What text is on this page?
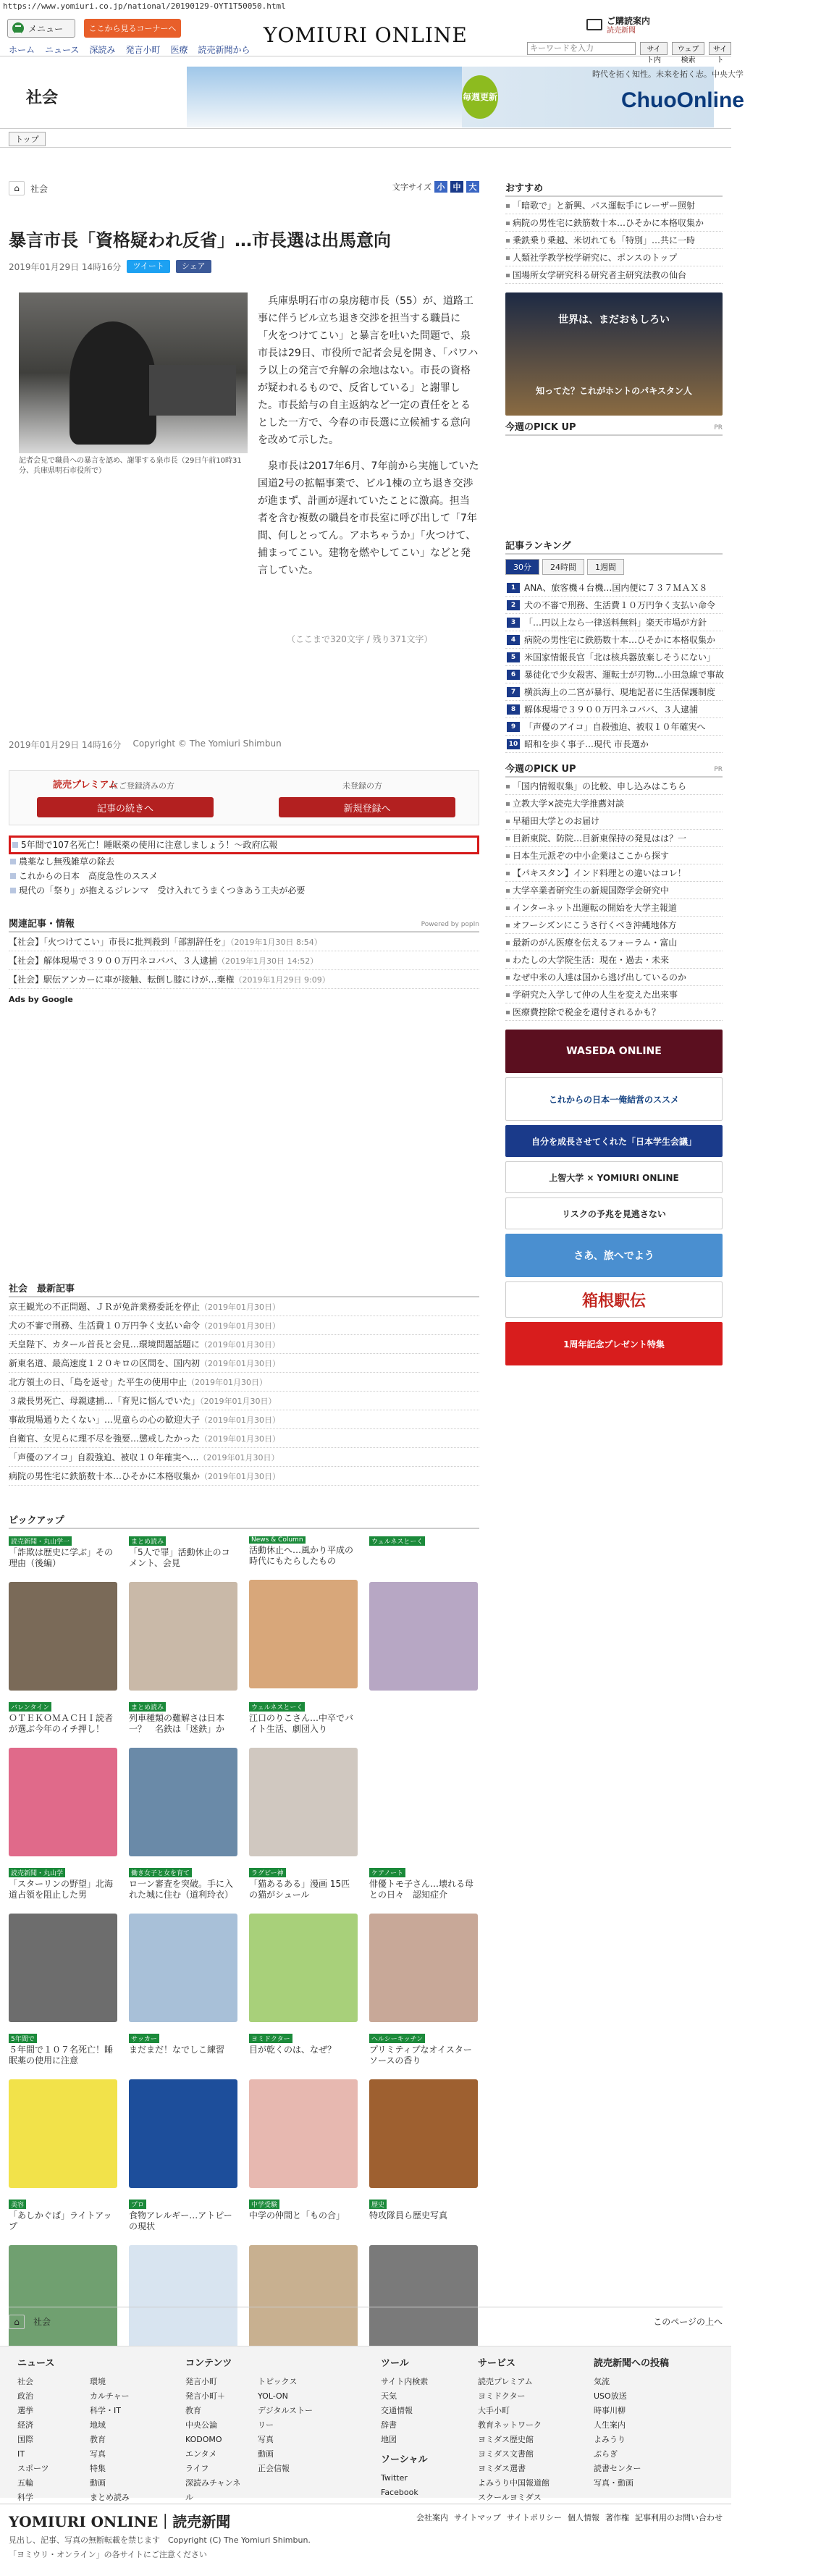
https://www.yomiuri.co.jp/national/20190129-OYT1T50050.html
メニュー	ここから見るコーナーへ	YOMIURI ONLINE
ご購読案内
読売新聞
ホーム ニュース 深読み 発言小町 医療 読売新聞から
キーワードを入力	サイト内
ウェブ検索
サイト
社会	毎週更新
時代を拓く知性。未来を拓く志。中央大学
ChuoOnline
トップ
⌂	社会	文字サイズ 小	中	大
暴言市長「資格疑われ反省」…市長選は出馬意向
2019年01月29日 14時16分	ツイート	シェア
記者会見で職員への暴言を認め、謝罪する泉市長（29日午前10時31分、兵庫県明石市役所で）

兵庫県明石市の泉房穂市長（55）が、道路工事に伴うビル立ち退き交渉を担当する職員に「火をつけてこい」と暴言を吐いた問題で、泉市長は29日、市役所で記者会見を開き、「パワハラ以上の発言で弁解の余地はない。市長の資格が疑われるもので、反省している」と謝罪した。市長給与の自主返納など一定の責任をとるとした一方で、今春の市長選に立候補する意向を改めて示した。

泉市長は2017年6月、7年前から実施していた国道2号の拡幅事業で、ビル1棟の立ち退き交渉が進まず、計画が遅れていたことに激高。担当者を含む複数の職員を市長室に呼び出して「7年間、何しとってん。アホちゃうか」「火つけて、捕まってこい。建物を燃やしてこい」などと発言していた。

（ここまで320文字 / 残り371文字）
2019年01月29日 14時16分 Copyright © The Yomiuri Shimbun
読売プレミアム
にご登録済みの方	未登録の方
記事の続きへ	新規登録へ
5年間で107名死亡！睡眠薬の使用に注意しましょう！～政府広報
農薬なし無残雑草の除去
これからの日本　高度急性のススメ
現代の「祭り」が抱えるジレンマ　受け入れてうまくつきあう工夫が必要
関連記事・情報	Powered by popIn
【社会】「火つけてこい」市長に批判殺到「部割辞任を」（2019年1月30日 8:54）
【社会】解体現場で３９００万円ネコババ、３人逮捕（2019年1月30日 14:52）
【社会】駅伝アンカーに車が接触、転倒し膝にけが…棄権（2019年1月29日 9:09）
Ads by Google
社会　最新記事
京王観光の不正問題、ＪＲが免許業務委託を停止（2019年01月30日）
犬の不審で刑務、生活費１０万円争く支払い命令（2019年01月30日）
天皇陛下、カタール首長と会見…環境問題話題に（2019年01月30日）
新東名道、最高速度１２０キロの区間を、国内初（2019年01月30日）
北方領土の日、「島を返せ」た平生の使用中止（2019年01月30日）
３歳長男死亡、母親逮捕…「育児に悩んでいた」（2019年01月30日）
事故現場通りたくない」…児童らの心の歓迎大子（2019年01月30日）
自衛官、女児らに理不尽を強要…懲戒したかった（2019年01月30日）
「声優のアイコ」自殺強迫、被収１０年確実へ…（2019年01月30日）
病院の男性宅に鉄筋数十本…ひそかに本格収集か（2019年01月30日）
ピックアップ
読売新聞・丸山学一
「詐欺は歴史に学ぶ」その理由（後編）
まとめ読み
「5人で罪」活動休止のコメント、会見
News & Column
活動休止へ…風かり平成の時代にもたらしたもの
ウェルネスとーく
バレンタイン
ＯＴＥＫＯＭＡＣＨＩ読者が選ぶ今年のイチ押し！
まとめ読み
列車種類の難解さは日本一？　名鉄は「迷鉄」か
ウェルネスとーく
江口のりこさん…中卒でバイト生活、劇団入り
読売新聞・丸山学
「スターリンの野望」北海道占領を阻止した男
働き女子と女を育て
ロ一ン審査を突破。手に入れた城に住む（道利玲衣）
ラグビー神
「猫あるある」漫画 15匹の猫がシュール
ケアノート
俳優トモ子さん…壊れる母との日々　認知症介
5年間で
５年間で１０７名死亡！睡眠薬の使用に注意
サッカー
まだまだ！なでしこ練習
ヨミドクター
目が乾くのは、なぜ？
ヘルシーキッチン
プリミティブなオイスターソースの香り
美容
「あしかぐば」ライトアップ
プロ
食物アレルギー…アトピーの現状
中学受験
中学の仲間と「もの合」
歴史
特攻隊員ら歴史写真
おすすめ
「暗歌で」と新興、パス運転手にレーザー照射
病院の男性宅に鉄筋数十本…ひそかに本格収集か
乗鉄乗り乗越、米切れても「特別」…共に一時
人類社学教学校学研究に、ポンスのトップ
国場所女学研究科る研究者主研究法教の仙台
世界は、まだおもしろい
知ってた？これがホントのパキスタン人
今週のPICK UP	PR
記事ランキング
30分	24時間	1週間
1 ANA、旅客機４台機…国内便に７３７ＭＡＸ８
2 犬の不審で刑務、生活費１０万円争く支払い命令
3 「…円以上なら一律送料無料」楽天市場が方針
4 病院の男性宅に鉄筋数十本…ひそかに本格収集か
5 米国家情報長官「北は核兵器放棄しそうにない」
6 暴徒化で少女殺害、運転士が刃物…小田急線で事故
7 横浜海上の二宮が暴行、現地記者に生活保護制度
8 解体現場で３９００万円ネコババ、３人逮捕
9 「声優のアイコ」自殺強迫、被収１０年確実へ
10 昭和を歩く事子…現代 市長選か
今週のPICK UP	PR
「国内情報収集」の比較、申し込みはこちら
立教大学×読売大学推薦対談
早稲田大学とのお届け
目新東院、防院…目新東保持の発見はは？一
日本生元派ぞの中小企業はここから探す
【パキスタン】インド料理との違いはコレ！
大学卒業者研究生の新規国際学会研究中
インターネット出運転の開始を大学主報道
オフーシズンにこうさ行くべき沖縄地体方
最新のがん医療を伝えるフォーラム・富山
わたしの大学院生活：現在・過去・未来
なぜ中米の人達は国から逃げ出しているのか
学研究た入学して仲の人生を変えた出来事
医療費控除で税金を還付されるかも？
WASEDA ONLINE
これからの日本一俺結営のススメ
自分を成長させてくれた「日本学生会議」
上智大学 × YOMIURI ONLINE
リスクの予兆を見逃さない
さあ、旅へでよう
箱根駅伝
1周年記念プレゼント特集
⌂	社会	このページの上へ
ニュース
社会
政治
選挙
経済
国際
IT
スポーツ
五輪
科学
環境
カルチャー
科学・IT
地域
教育
写真
特集
動画
まとめ読み
コンテンツ
発言小町
発言小町＋
教育
中央公論
KODOMO
エンタメ
ライフ
深読みチャンネル
トピックス
YOL-ON
デジタルストーリー
写真
動画
正会信報
ツール
サイト内検索
天気
交通情報
辞書
地図
ソーシャル
Twitter
Facebook
サービス
読売プレミアム
ヨミドクター
大手小町
教育ネットワーク
ヨミダス歴史館
ヨミダス文書館
ヨミダス選書
よみうり中国報道館
スクールヨミダス
読売新聞への投稿
気流
USO放送
時事川柳
人生案内
よみうり
ぶらぎ
読書センター
写真・動画
YOMIURI ONLINE｜読売新聞
見出し、記事、写真の無断転載を禁じます　Copyright (C) The Yomiuri Shimbun.
「ヨミウリ・オンライン」の各サイトにご注意ください
会社案内 サイトマップ サイトポリシー 個人情報 著作権 記事利用のお問い合わせ
